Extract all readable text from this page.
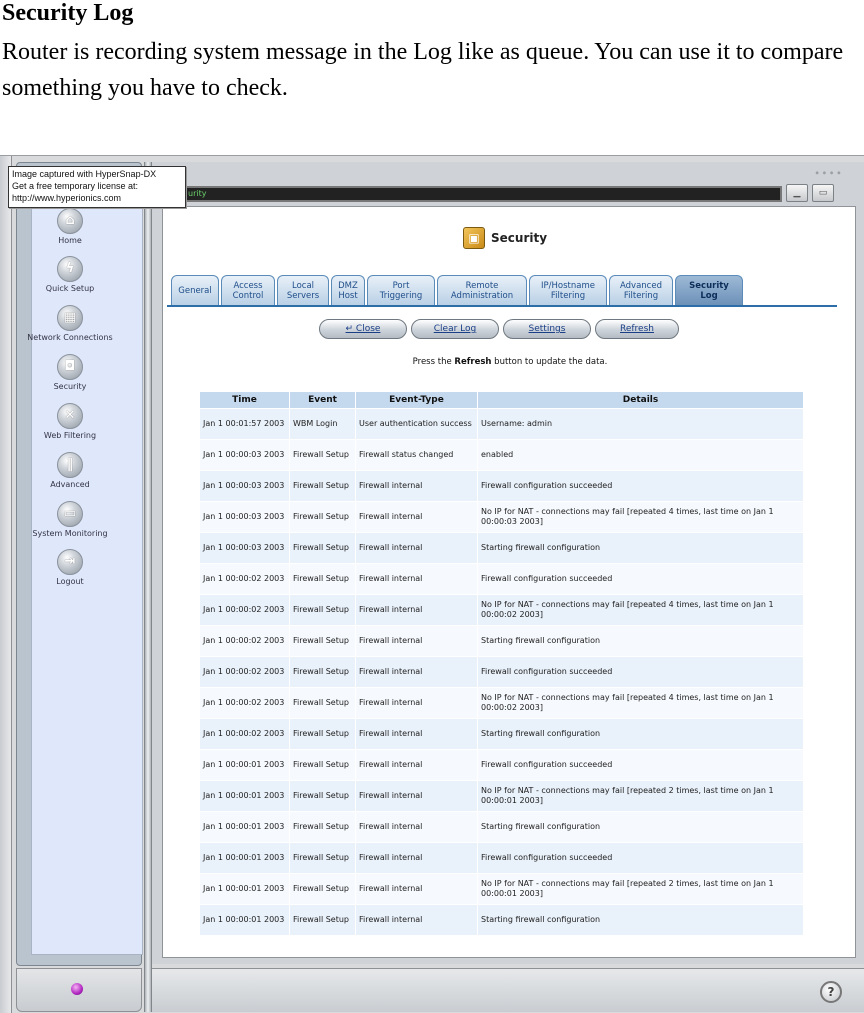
Security Log
Router is recording system message in the Log like as queue. You can use it to compare something you have to check.
Image captured with HyperSnap-DX
Get a free temporary license at:
http://www.hyperionics.com
⌂
Home
ϟ
Quick Setup
▦
Network Connections
◘
Security
✕
Web Filtering
‖
Advanced
▭
System Monitoring
⇥
Logout
∙∙∙∙
urity	▁	▭
▣ Security
General	Access
Control
Local
Servers
DMZ
Host
Port
Triggering
Remote
Administration
IP/Hostname
Filtering
Advanced
Filtering
Security
Log
↵ Close	Clear Log	Settings	Refresh
Press the Refresh button to update the data.
Time	Event	Event-Type	Details
Jan 1 00:01:57 2003	WBM Login	User authentication success	Username: admin
Jan 1 00:00:03 2003	Firewall Setup	Firewall status changed	enabled
Jan 1 00:00:03 2003	Firewall Setup	Firewall internal	Firewall configuration succeeded
Jan 1 00:00:03 2003	Firewall Setup	Firewall internal	No IP for NAT - connections may fail [repeated 4 times, last time on Jan 1 00:00:03 2003]
Jan 1 00:00:03 2003	Firewall Setup	Firewall internal	Starting firewall configuration
Jan 1 00:00:02 2003	Firewall Setup	Firewall internal	Firewall configuration succeeded
Jan 1 00:00:02 2003	Firewall Setup	Firewall internal	No IP for NAT - connections may fail [repeated 4 times, last time on Jan 1 00:00:02 2003]
Jan 1 00:00:02 2003	Firewall Setup	Firewall internal	Starting firewall configuration
Jan 1 00:00:02 2003	Firewall Setup	Firewall internal	Firewall configuration succeeded
Jan 1 00:00:02 2003	Firewall Setup	Firewall internal	No IP for NAT - connections may fail [repeated 4 times, last time on Jan 1 00:00:02 2003]
Jan 1 00:00:02 2003	Firewall Setup	Firewall internal	Starting firewall configuration
Jan 1 00:00:01 2003	Firewall Setup	Firewall internal	Firewall configuration succeeded
Jan 1 00:00:01 2003	Firewall Setup	Firewall internal	No IP for NAT - connections may fail [repeated 2 times, last time on Jan 1 00:00:01 2003]
Jan 1 00:00:01 2003	Firewall Setup	Firewall internal	Starting firewall configuration
Jan 1 00:00:01 2003	Firewall Setup	Firewall internal	Firewall configuration succeeded
Jan 1 00:00:01 2003	Firewall Setup	Firewall internal	No IP for NAT - connections may fail [repeated 2 times, last time on Jan 1 00:00:01 2003]
Jan 1 00:00:01 2003	Firewall Setup	Firewall internal	Starting firewall configuration
?
